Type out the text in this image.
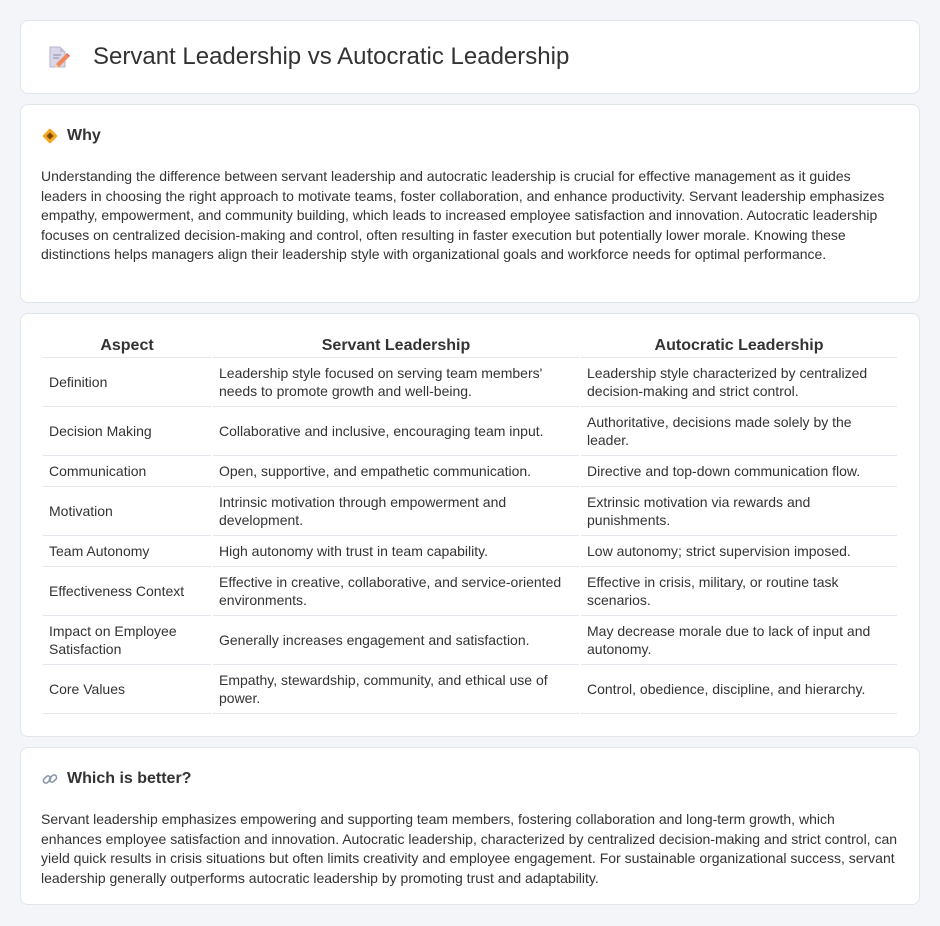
Servant Leadership vs Autocratic Leadership
Why

Understanding the difference between servant leadership and autocratic leadership is crucial for effective management as it guides leaders in choosing the right approach to motivate teams, foster collaboration, and enhance productivity. Servant leadership emphasizes empathy, empowerment, and community building, which leads to increased employee satisfaction and innovation. Autocratic leadership focuses on centralized decision-making and control, often resulting in faster execution but potentially lower morale. Knowing these distinctions helps managers align their leadership style with organizational goals and workforce needs for optimal performance.

Aspect	Servant Leadership	Autocratic Leadership
Definition	Leadership style focused on serving team members' needs to promote growth and well-being.	Leadership style characterized by centralized decision-making and strict control.
Decision Making	Collaborative and inclusive, encouraging team input.	Authoritative, decisions made solely by the leader.
Communication	Open, supportive, and empathetic communication.	Directive and top-down communication flow.
Motivation	Intrinsic motivation through empowerment and development.	Extrinsic motivation via rewards and punishments.
Team Autonomy	High autonomy with trust in team capability.	Low autonomy; strict supervision imposed.
Effectiveness Context	Effective in creative, collaborative, and service-oriented environments.	Effective in crisis, military, or routine task scenarios.
Impact on Employee Satisfaction	Generally increases engagement and satisfaction.	May decrease morale due to lack of input and autonomy.
Core Values	Empathy, stewardship, community, and ethical use of power.	Control, obedience, discipline, and hierarchy.
Which is better?

Servant leadership emphasizes empowering and supporting team members, fostering collaboration and long-term growth, which enhances employee satisfaction and innovation. Autocratic leadership, characterized by centralized decision-making and strict control, can yield quick results in crisis situations but often limits creativity and employee engagement. For sustainable organizational success, servant leadership generally outperforms autocratic leadership by promoting trust and adaptability.
